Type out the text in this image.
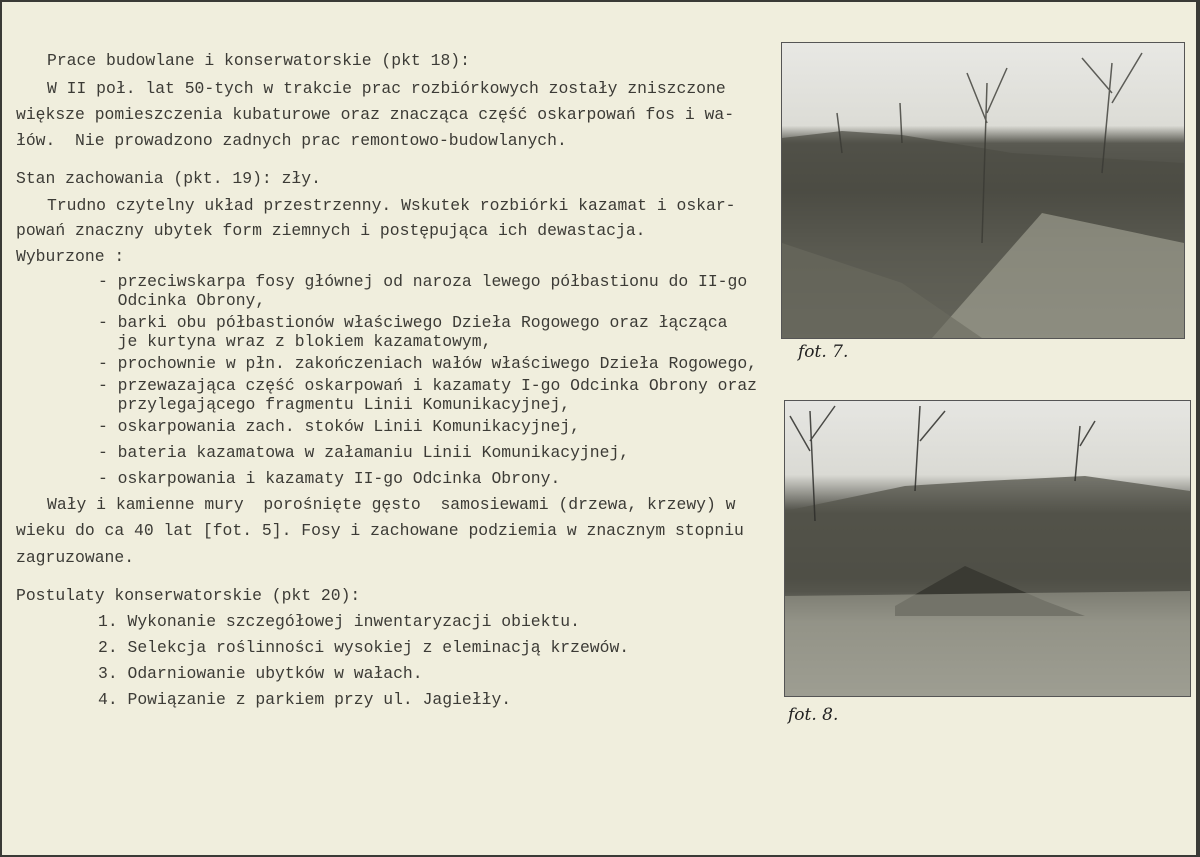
Prace budowlane i konserwatorskie (pkt 18):
W II poł. lat 50-tych w trakcie prac rozbiórkowych zostały zniszczone
większe pomieszczenia kubaturowe oraz znacząca część oskarpowań fos i wa-
łów.  Nie prowadzono zadnych prac remontowo-budowlanych.
Stan zachowania (pkt. 19): zły.
Trudno czytelny układ przestrzenny. Wskutek rozbiórki kazamat i oskar-
powań znaczny ubytek form ziemnych i postępująca ich dewastacja.
Wyburzone :
- przeciwskarpa fosy głównej od naroza lewego półbastionu do II-go
Odcinka Obrony,
- barki obu półbastionów właściwego Dzieła Rogowego oraz łącząca
je kurtyna wraz z blokiem kazamatowym,
- prochownie w płn. zakończeniach wałów właściwego Dzieła Rogowego,
- przewazająca część oskarpowań i kazamaty I-go Odcinka Obrony oraz
przylegającego fragmentu Linii Komunikacyjnej,
- oskarpowania zach. stoków Linii Komunikacyjnej,
- bateria kazamatowa w załamaniu Linii Komunikacyjnej,
- oskarpowania i kazamaty II-go Odcinka Obrony.
Wały i kamienne mury  porośnięte gęsto  samosiewami (drzewa, krzewy) w
wieku do ca 40 lat [fot. 5]. Fosy i zachowane podziemia w znacznym stopniu
zagruzowane.
Postulaty konserwatorskie (pkt 20):
1. Wykonanie szczegółowej inwentaryzacji obiektu.
2. Selekcja roślinności wysokiej z eleminacją krzewów.
3. Odarniowanie ubytków w wałach.
4. Powiązanie z parkiem przy ul. Jagiełły.
fot. 7.
fot. 8.
